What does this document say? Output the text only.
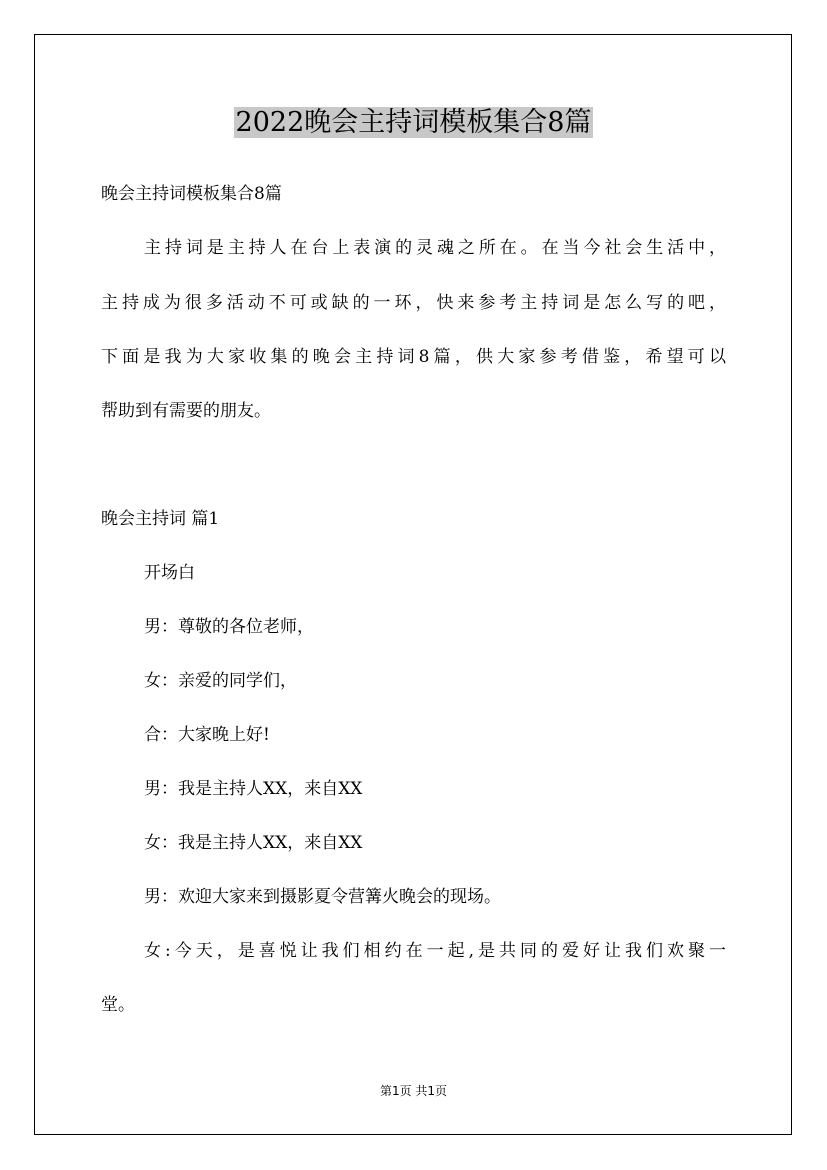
2022晚会主持词模板集合8篇
晚会主持词模板集合8篇
主持词是主持人在台上表演的灵魂之所在。在当今社会生活中，
主持成为很多活动不可或缺的一环，快来参考主持词是怎么写的吧，
下面是我为大家收集的晚会主持词8篇，供大家参考借鉴，希望可以
帮助到有需要的朋友。
晚会主持词 篇1
开场白
男：尊敬的各位老师，
女：亲爱的同学们，
合：大家晚上好!
男：我是主持人XX，来自XX
女：我是主持人XX，来自XX
男：欢迎大家来到摄影夏令营篝火晚会的现场。
女:今天，是喜悦让我们相约在一起,是共同的爱好让我们欢聚一
堂。
第1页 共1页
